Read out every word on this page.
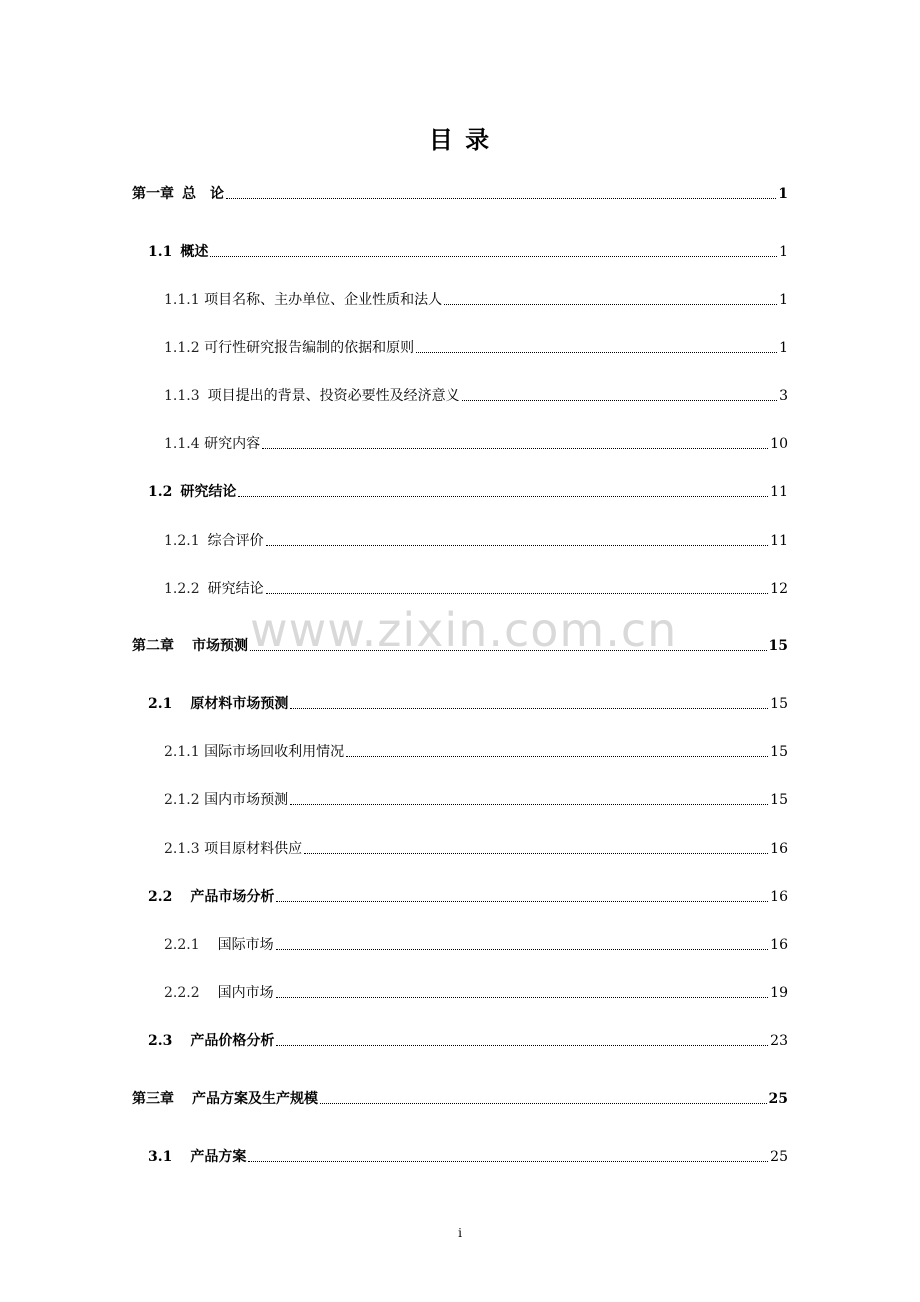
目 录
www.zixin.com.cn
第一章 总　论	1
1.1 概述	1
1.1.1 项目名称、主办单位、企业性质和法人	1
1.1.2 可行性研究报告编制的依据和原则	1
1.1.3 项目提出的背景、投资必要性及经济意义	3
1.1.4 研究内容	10
1.2 研究结论	11
1.2.1 综合评价	11
1.2.2 研究结论	12
第二章 市场预测	15
2.1 原材料市场预测	15
2.1.1 国际市场回收利用情况	15
2.1.2 国内市场预测	15
2.1.3 项目原材料供应	16
2.2 产品市场分析	16
2.2.1 国际市场	16
2.2.2 国内市场	19
2.3 产品价格分析	23
第三章 产品方案及生产规模	25
3.1 产品方案	25
i
